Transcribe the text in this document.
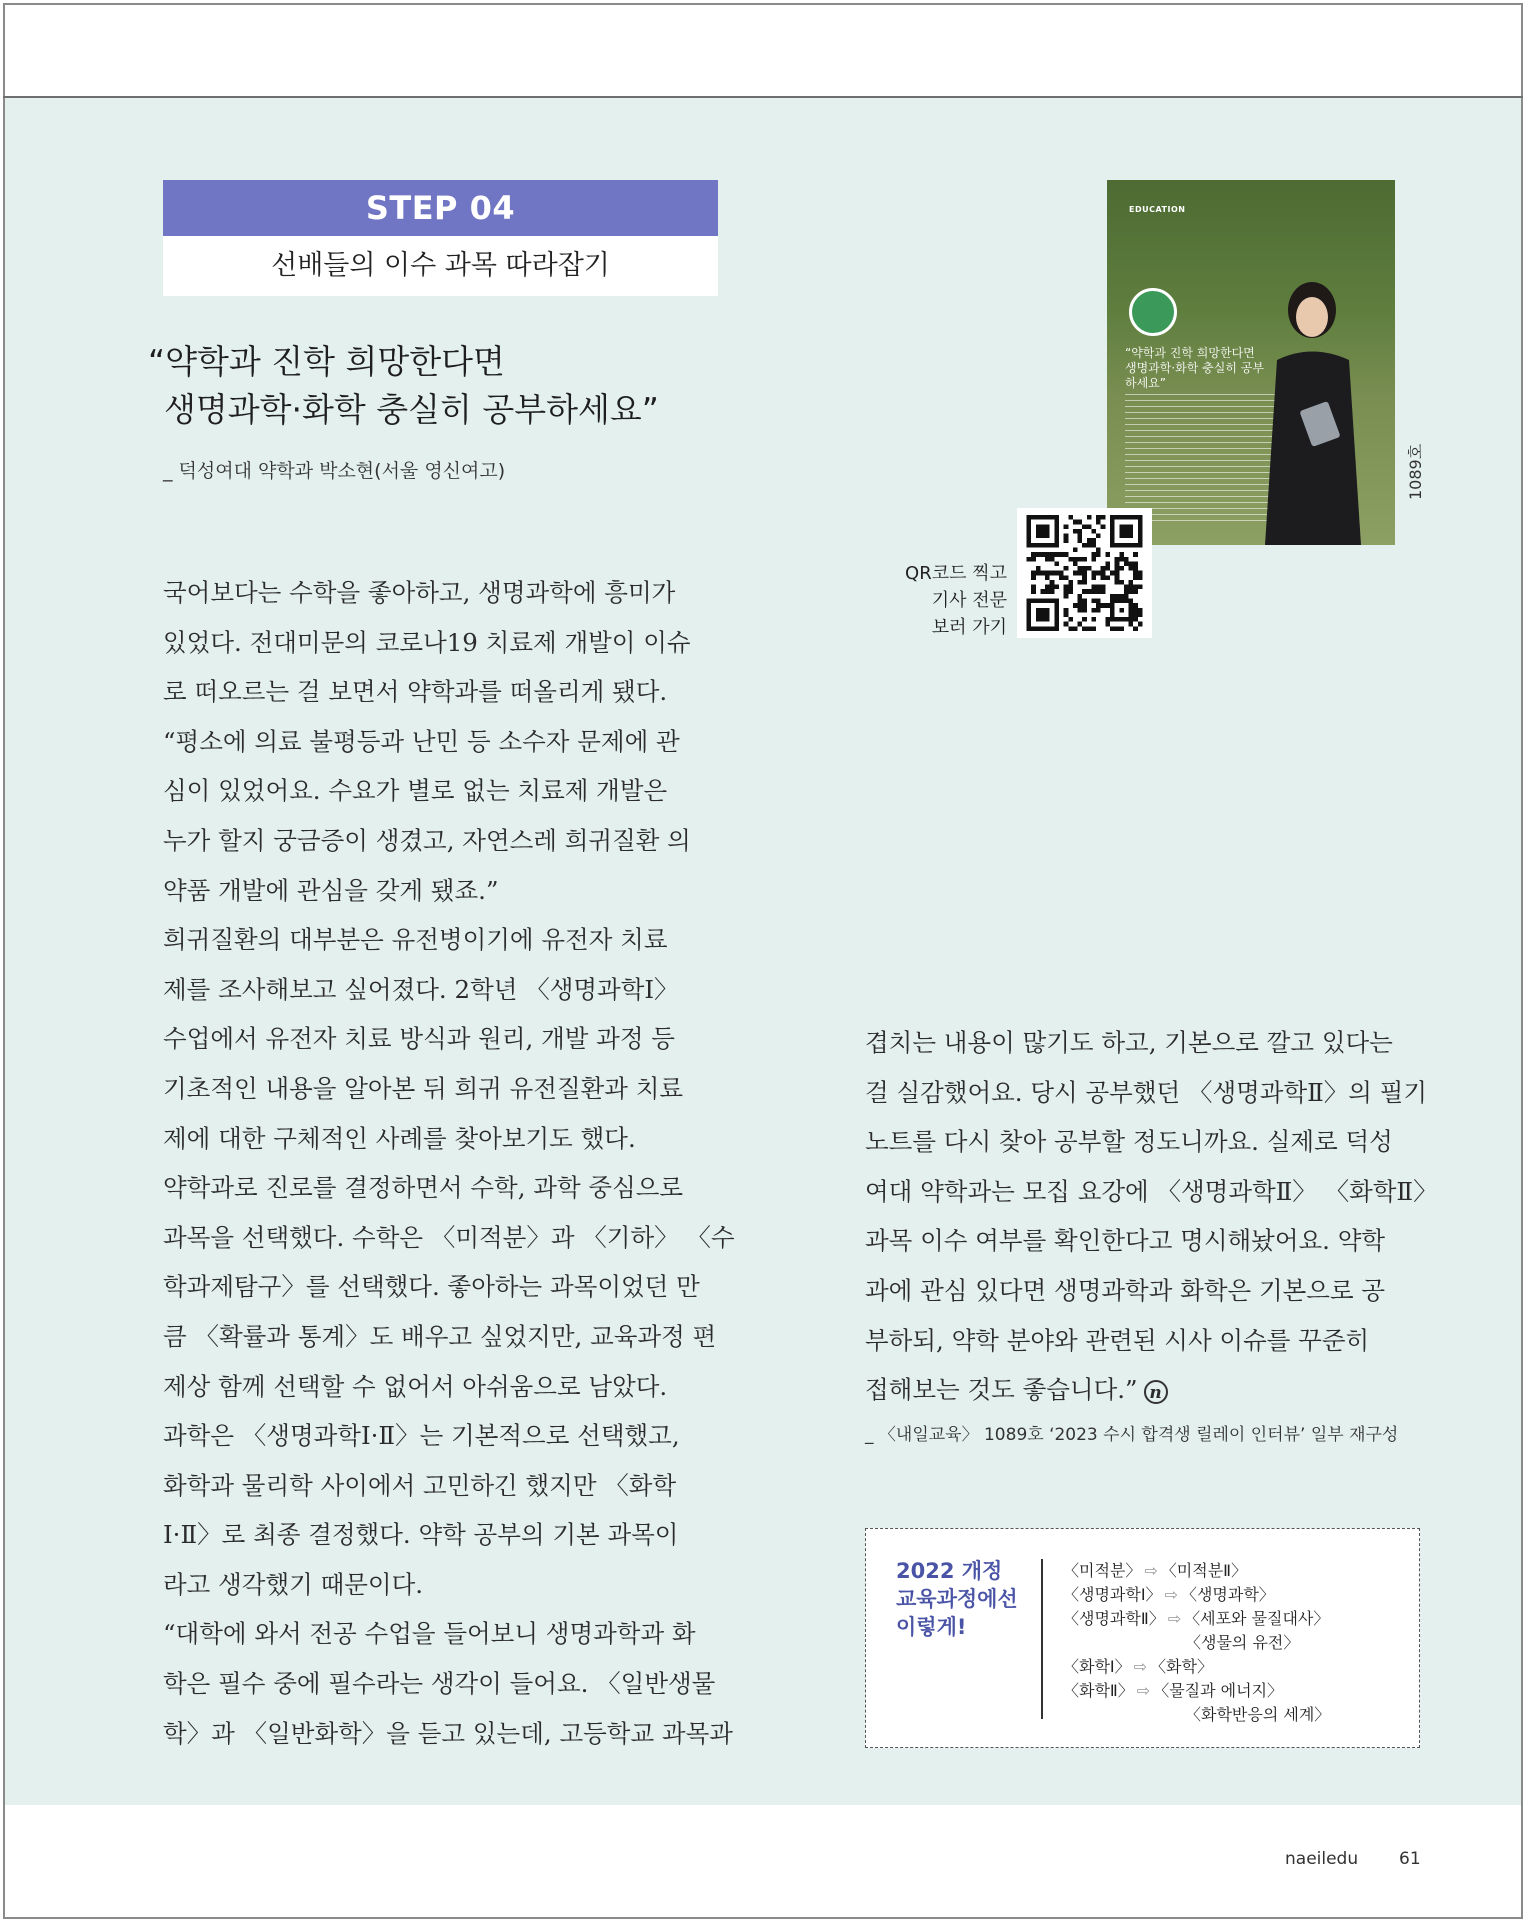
STEP 04
선배들의 이수 과목 따라잡기
“약학과 진학 희망한다면
생명과학·화학 충실히 공부하세요”
_ 덕성여대 약학과 박소현(서울 영신여고)
EDUCATION
“약학과 진학 희망한다면 생명과학·화학 충실히 공부하세요”
1089호
QR코드 찍고
기사 전문
보러 가기

국어보다는 수학을 좋아하고, 생명과학에 흥미가

있었다. 전대미문의 코로나19 치료제 개발이 이슈

로 떠오르는 걸 보면서 약학과를 떠올리게 됐다.

“평소에 의료 불평등과 난민 등 소수자 문제에 관

심이 있었어요. 수요가 별로 없는 치료제 개발은

누가 할지 궁금증이 생겼고, 자연스레 희귀질환 의

약품 개발에 관심을 갖게 됐죠.”

희귀질환의 대부분은 유전병이기에 유전자 치료

제를 조사해보고 싶어졌다. 2학년 〈생명과학Ⅰ〉

수업에서 유전자 치료 방식과 원리, 개발 과정 등

기초적인 내용을 알아본 뒤 희귀 유전질환과 치료

제에 대한 구체적인 사례를 찾아보기도 했다.

약학과로 진로를 결정하면서 수학, 과학 중심으로

과목을 선택했다. 수학은 〈미적분〉과 〈기하〉 〈수

학과제탐구〉를 선택했다. 좋아하는 과목이었던 만

큼 〈확률과 통계〉도 배우고 싶었지만, 교육과정 편

제상 함께 선택할 수 없어서 아쉬움으로 남았다.

과학은 〈생명과학Ⅰ·Ⅱ〉는 기본적으로 선택했고,

화학과 물리학 사이에서 고민하긴 했지만 〈화학

Ⅰ·Ⅱ〉로 최종 결정했다. 약학 공부의 기본 과목이

라고 생각했기 때문이다.

“대학에 와서 전공 수업을 들어보니 생명과학과 화

학은 필수 중에 필수라는 생각이 들어요. 〈일반생물

학〉과 〈일반화학〉을 듣고 있는데, 고등학교 과목과

겹치는 내용이 많기도 하고, 기본으로 깔고 있다는

걸 실감했어요. 당시 공부했던 〈생명과학Ⅱ〉의 필기

노트를 다시 찾아 공부할 정도니까요. 실제로 덕성

여대 약학과는 모집 요강에 〈생명과학Ⅱ〉 〈화학Ⅱ〉

과목 이수 여부를 확인한다고 명시해놨어요. 약학

과에 관심 있다면 생명과학과 화학은 기본으로 공

부하되, 약학 분야와 관련된 시사 이슈를 꾸준히

접해보는 것도 좋습니다.” n

_ 〈내일교육〉 1089호 ‘2023 수시 합격생 릴레이 인터뷰’ 일부 재구성
2022 개정
교육과정에선
이렇게!
〈미적분〉 ⇨ 〈미적분Ⅱ〉
〈생명과학Ⅰ〉 ⇨ 〈생명과학〉
〈생명과학Ⅱ〉 ⇨ 〈세포와 물질대사〉
〈생물의 유전〉
〈화학Ⅰ〉 ⇨ 〈화학〉
〈화학Ⅱ〉 ⇨ 〈물질과 에너지〉
〈화학반응의 세계〉
naeiledu 61
